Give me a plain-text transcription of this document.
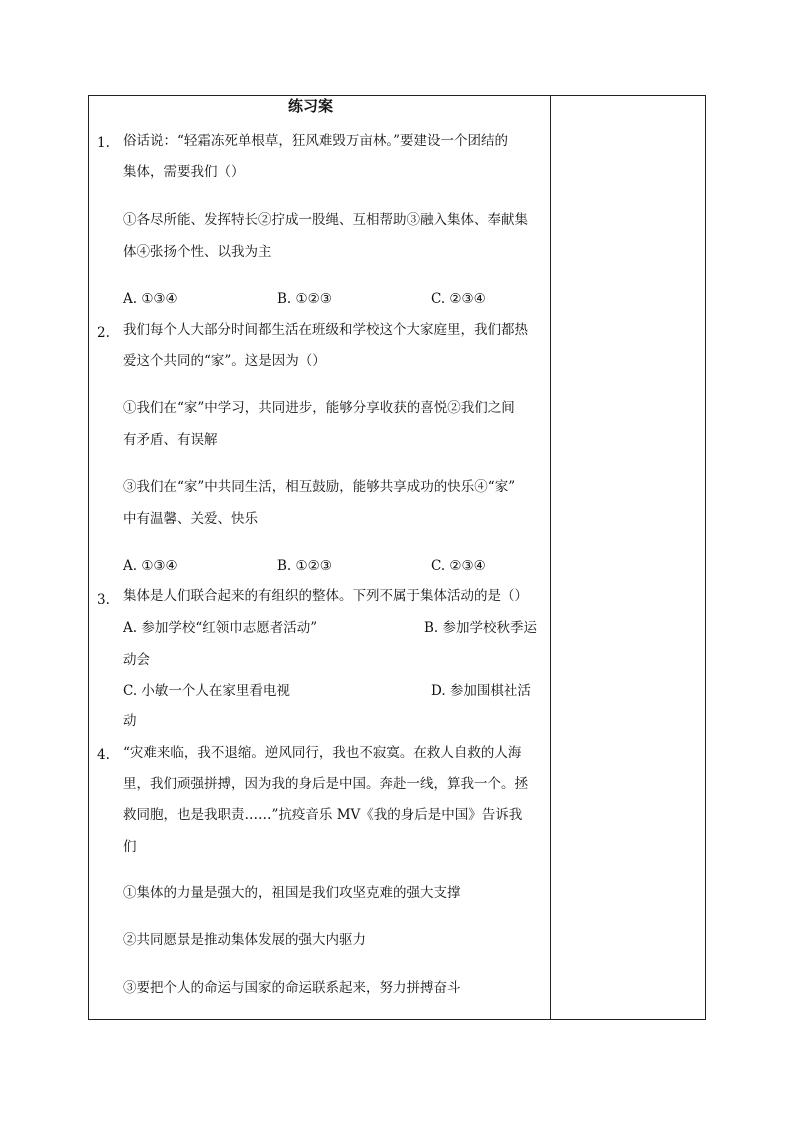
练习案
1. 俗话说：“轻霜冻死单根草，狂风难毁万亩林。”要建设一个团结的
集体，需要我们（）
①各尽所能、发挥特长②拧成一股绳、互相帮助③融入集体、奉献集
体④张扬个性、以我为主
A. ①③④	B. ①②③	C. ②③④
2. 我们每个人大部分时间都生活在班级和学校这个大家庭里，我们都热
爱这个共同的“家”。这是因为（）
①我们在“家”中学习，共同进步，能够分享收获的喜悦②我们之间
有矛盾、有误解
③我们在“家”中共同生活，相互鼓励，能够共享成功的快乐④“家”
中有温馨、关爱、快乐
A. ①③④	B. ①②③	C. ②③④
3. 集体是人们联合起来的有组织的整体。下列不属于集体活动的是（）
A. 参加学校“红领巾志愿者活动”	B. 参加学校秋季运
动会
C. 小敏一个人在家里看电视	D. 参加围棋社活
动
4. “灾难来临，我不退缩。逆风同行，我也不寂寞。在救人自救的人海
里，我们顽强拼搏，因为我的身后是中国。奔赴一线，算我一个。拯
救同胞，也是我职责……”抗疫音乐 MV《我的身后是中国》告诉我
们
①集体的力量是强大的，祖国是我们攻坚克难的强大支撑
②共同愿景是推动集体发展的强大内驱力
③要把个人的命运与国家的命运联系起来，努力拼搏奋斗
